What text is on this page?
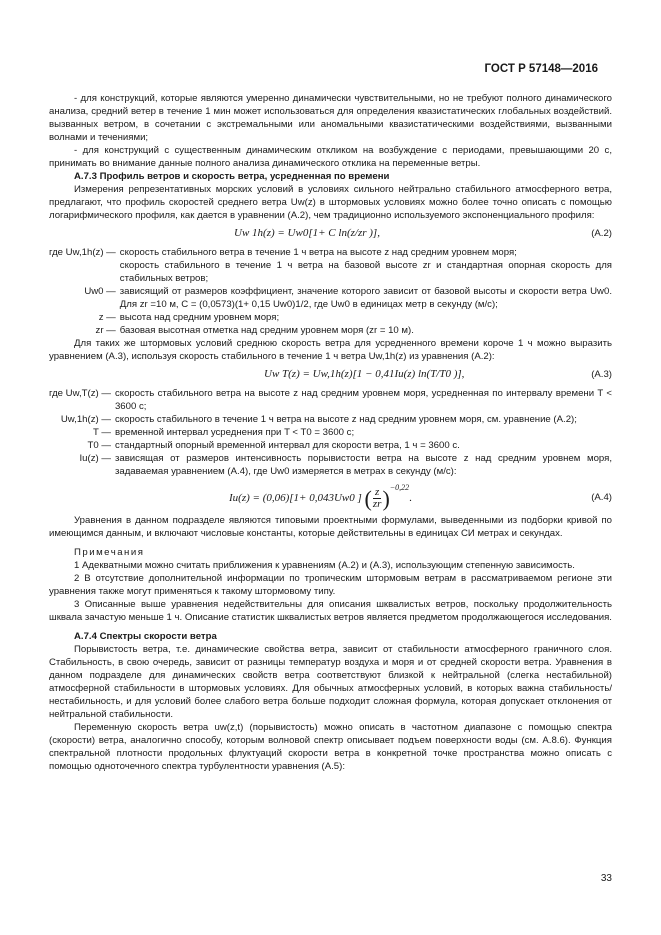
ГОСТ Р 57148—2016

- для конструкций, которые являются умеренно динамически чувствительными, но не требуют полного динамического анализа, средний ветер в течение 1 мин может использоваться для определения квазистатических глобальных воздействий. вызванных ветром, в сочетании с экстремальными или аномальными квазистатическими воздействиями, вызванными волнами и течениями;

- для конструкций с существенным динамическим откликом на возбуждение с периодами, превышающими 20 с, принимать во внимание данные полного анализа динамического отклика на переменные ветры.

А.7.3 Профиль ветров и скорость ветра, усредненная по времени

Измерения репрезентативных морских условий в условиях сильного нейтрально стабильного атмосферного ветра, предлагают, что профиль скоростей среднего ветра Uw(z) в штормовых условиях можно более точно описать с помощью логарифмического профиля, как дается в уравнении (А.2), чем традиционно используемого экспоненциального профиля:

Uw 1h(z) = Uw0[1+ C ln(z/zr )],	(А.2)
где Uw,1h(z) — скорость стабильного ветра в течение 1 ч ветра на высоте z над средним уровнем моря;
скорость стабильного в течение 1 ч ветра на базовой высоте zr и стандартная опорная скорость для стабильных ветров;
Uw0 — зависящий от размеров коэффициент, значение которого зависит от базовой высоты и скорости ветра Uw0. Для zr =10 м, C = (0,0573)(1+ 0,15 Uw0)1/2, где Uw0 в единицах метр в секунду (м/с);
z — высота над средним уровнем моря;
zr — базовая высотная отметка над средним уровнем моря (zr = 10 м).

Для таких же штормовых условий среднюю скорость ветра для усредненного времени короче 1 ч можно выразить уравнением (А.3), используя скорость стабильного в течение 1 ч ветра Uw,1h(z) из уравнения (А.2):

Uw T(z) = Uw,1h(z)[1 − 0,41Iu(z) ln(T/T0 )],	(А.3)
где Uw,T(z) — скорость стабильного ветра на высоте z над средним уровнем моря, усредненная по интервалу времени T < 3600 с;
Uw,1h(z) — скорость стабильного в течение 1 ч ветра на высоте z над средним уровнем моря, см. уравнение (А.2);
T — временной интервал усреднения при T < T0 = 3600 с;
T0 — стандартный опорный временной интервал для скорости ветра, 1 ч = 3600 с.
Iu(z) — зависящая от размеров интенсивность порывистости ветра на высоте z над средним уровнем моря, задаваемая уравнением (А.4), где Uw0 измеряется в метрах в секунду (м/с):
Iu(z) = (0,06)[1+ 0,043Uw0 ] ( $\frac{z}{zr} )^{-0,22}$.	(А.4)

Уравнения в данном подразделе являются типовыми проектными формулами, выведенными из подборки кривой по имеющимся данным, и включают числовые константы, которые действительны в единицах СИ метрах и секундах.

Примечания

1 Адекватными можно считать приближения к уравнениям (А.2) и (А.3), использующим степенную зависимость.

2 В отсутствие дополнительной информации по тропическим штормовым ветрам в рассматриваемом регионе эти уравнения также могут применяться к такому штормовому типу.

3 Описанные выше уравнения недействительны для описания шквалистых ветров, поскольку продолжительность шквала зачастую меньше 1 ч. Описание статистик шквалистых ветров является предметом продолжающегося исследования.

А.7.4 Спектры скорости ветра

Порывистость ветра, т.е. динамические свойства ветра, зависит от стабильности атмосферного граничного слоя. Стабильность, в свою очередь, зависит от разницы температур воздуха и моря и от средней скорости ветра. Уравнения в данном подразделе для динамических свойств ветра соответствуют близкой к нейтральной (слегка нестабильной) атмосферной стабильности в штормовых условиях. Для обычных атмосферных условий, в которых важна стабильность/нестабильность, и для условий более слабого ветра больше подходит сложная формула, которая допускает отклонения от нейтральной стабильности.

Переменную скорость ветра uw(z,t) (порывистость) можно описать в частотном диапазоне с помощью спектра (скорости) ветра, аналогично способу, которым волновой спектр описывает подъем поверхности воды (см. А.8.6). Функция спектральной плотности продольных флуктуаций скорости ветра в конкретной точке пространства можно описать с помощью одноточечного спектра турбулентности уравнения (А.5):

33
